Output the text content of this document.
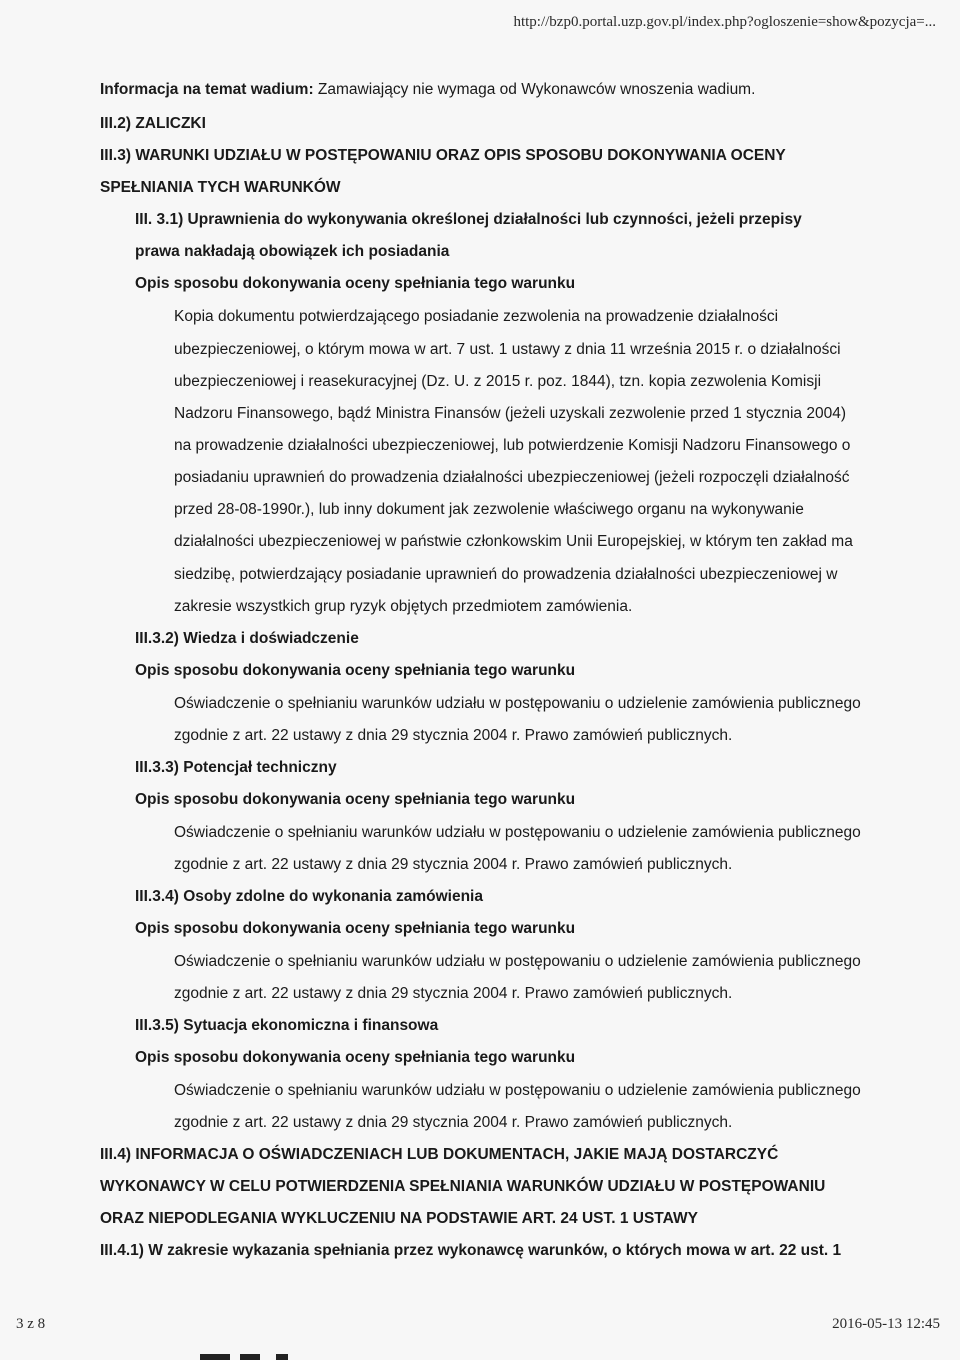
http://bzp0.portal.uzp.gov.pl/index.php?ogloszenie=show&pozycja=...
Informacja na temat wadium: Zamawiający nie wymaga od Wykonawców wnoszenia wadium.
III.2) ZALICZKI
III.3) WARUNKI UDZIAŁU W POSTĘPOWANIU ORAZ OPIS SPOSOBU DOKONYWANIA OCENY
SPEŁNIANIA TYCH WARUNKÓW
III. 3.1) Uprawnienia do wykonywania określonej działalności lub czynności, jeżeli przepisy
prawa nakładają obowiązek ich posiadania
Opis sposobu dokonywania oceny spełniania tego warunku
Kopia dokumentu potwierdzającego posiadanie zezwolenia na prowadzenie działalności
ubezpieczeniowej, o którym mowa w art. 7 ust. 1 ustawy z dnia 11 września 2015 r. o działalności
ubezpieczeniowej i reasekuracyjnej (Dz. U. z 2015 r. poz. 1844), tzn. kopia zezwolenia Komisji
Nadzoru Finansowego, bądź Ministra Finansów (jeżeli uzyskali zezwolenie przed 1 stycznia 2004)
na prowadzenie działalności ubezpieczeniowej, lub potwierdzenie Komisji Nadzoru Finansowego o
posiadaniu uprawnień do prowadzenia działalności ubezpieczeniowej (jeżeli rozpoczęli działalność
przed 28-08-1990r.), lub inny dokument jak zezwolenie właściwego organu na wykonywanie
działalności ubezpieczeniowej w państwie członkowskim Unii Europejskiej, w którym ten zakład ma
siedzibę, potwierdzający posiadanie uprawnień do prowadzenia działalności ubezpieczeniowej w
zakresie wszystkich grup ryzyk objętych przedmiotem zamówienia.
III.3.2) Wiedza i doświadczenie
Opis sposobu dokonywania oceny spełniania tego warunku
Oświadczenie o spełnianiu warunków udziału w postępowaniu o udzielenie zamówienia publicznego
zgodnie z art. 22 ustawy z dnia 29 stycznia 2004 r. Prawo zamówień publicznych.
III.3.3) Potencjał techniczny
Opis sposobu dokonywania oceny spełniania tego warunku
Oświadczenie o spełnianiu warunków udziału w postępowaniu o udzielenie zamówienia publicznego
zgodnie z art. 22 ustawy z dnia 29 stycznia 2004 r. Prawo zamówień publicznych.
III.3.4) Osoby zdolne do wykonania zamówienia
Opis sposobu dokonywania oceny spełniania tego warunku
Oświadczenie o spełnianiu warunków udziału w postępowaniu o udzielenie zamówienia publicznego
zgodnie z art. 22 ustawy z dnia 29 stycznia 2004 r. Prawo zamówień publicznych.
III.3.5) Sytuacja ekonomiczna i finansowa
Opis sposobu dokonywania oceny spełniania tego warunku
Oświadczenie o spełnianiu warunków udziału w postępowaniu o udzielenie zamówienia publicznego
zgodnie z art. 22 ustawy z dnia 29 stycznia 2004 r. Prawo zamówień publicznych.
III.4) INFORMACJA O OŚWIADCZENIACH LUB DOKUMENTACH, JAKIE MAJĄ DOSTARCZYĆ
WYKONAWCY W CELU POTWIERDZENIA SPEŁNIANIA WARUNKÓW UDZIAŁU W POSTĘPOWANIU
ORAZ NIEPODLEGANIA WYKLUCZENIU NA PODSTAWIE ART. 24 UST. 1 USTAWY
III.4.1) W zakresie wykazania spełniania przez wykonawcę warunków, o których mowa w art. 22 ust. 1
3 z 8	2016-05-13 12:45
